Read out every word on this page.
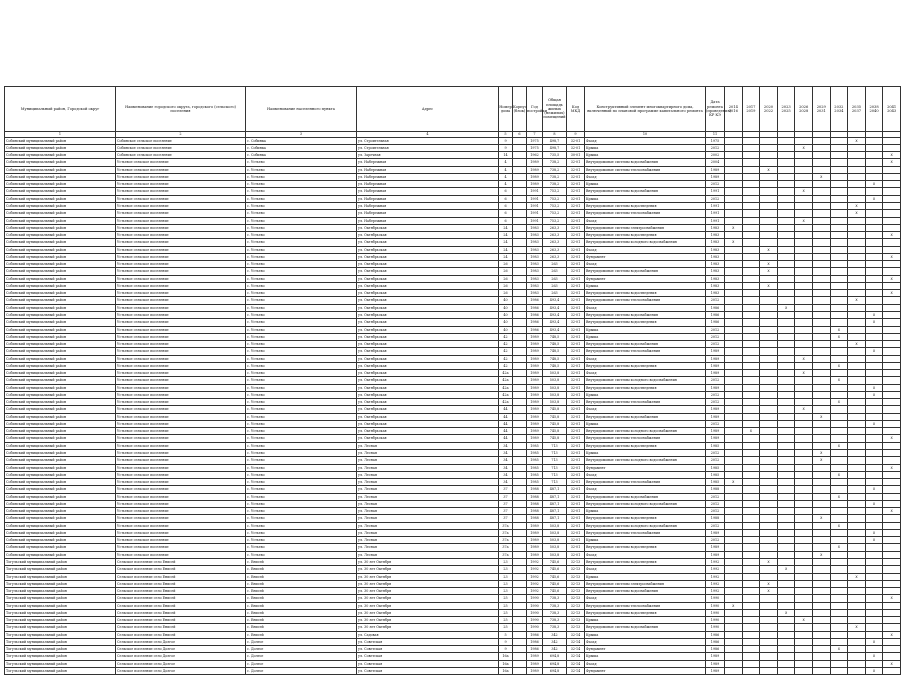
Муниципальный район, Городской округ	Наименование городского округа, городского (сельского) поселения	Наименование населенного пункта	Адрес	Номер дома	Корпус (блок)	Год постройки	Общая площадь жилых (нежилых) помещений	Код МКД	Конструктивный элемент многоквартирного дома, включенный по плановой программе капитального ремонта	Дата ремонта (проведения) КР КЭ	2014 2016	2017 2019	2020 2022	2023 2025	2026 2028	2029 2031	2032 2034	2035 2037	2038 2040	2041 2043
1	2	3	4	5	6	7	8	9	10	11										
Собинский муниципальный район	Собинское сельское поселение	с. Собинка	ул. Строительная	9		1975	498,7	32-01	Фасад	1975								X		
Собинский муниципальный район	Собинское сельское поселение	с. Собинка	ул. Строительная	9		1975	498,7	32-01	Крыша	2012					X					
Собинский муниципальный район	Собинское сельское поселение	с. Собинка	ул. Заречная	14		1962	735,5	30-01	Крыша	2002										X
Собинский муниципальный район	Устьевое сельское поселение	с. Устьево	ул. Набережная	4		1989	738,2	32-01	Внутридомовые системы водоснабжения	2004										X
Собинский муниципальный район	Устьевое сельское поселение	с. Устьево	ул. Набережная	4		1989	738,2	32-01	Внутридомовые системы теплоснабжения	1989			X							
Собинский муниципальный район	Устьевое сельское поселение	с. Устьево	ул. Набережная	4		1989	738,2	32-01	Фасад	1989						X				
Собинский муниципальный район	Устьевое сельское поселение	с. Устьево	ул. Набережная	4		1989	738,2	32-01	Крыша	2012									X	
Собинский муниципальный район	Устьевое сельское поселение	с. Устьево	ул. Набережная	6		1991	753,2	32-01	Внутридомовые системы водоснабжения	1991					X					
Собинский муниципальный район	Устьевое сельское поселение	с. Устьево	ул. Набережная	6		1991	753,2	32-01	Крыша	2012									X	
Собинский муниципальный район	Устьевое сельское поселение	с. Устьево	ул. Набережная	6		1991	753,2	32-01	Внутридомовые системы водоотведения	1991								X		
Собинский муниципальный район	Устьевое сельское поселение	с. Устьево	ул. Набережная	6		1991	753,2	32-01	Внутридомовые системы теплоснабжения	1991								X		
Собинский муниципальный район	Устьевое сельское поселение	с. Устьево	ул. Набережная	6		1991	753,2	32-01	Фасад	1991					X					
Собинский муниципальный район	Устьевое сельское поселение	с. Устьево	ул. Октябрьская	24		1983	263,3	32-01	Внутридомовые системы электроснабжения	1983	X									
Собинский муниципальный район	Устьевое сельское поселение	с. Устьево	ул. Октябрьская	24		1983	263,3	32-01	Внутридомовые системы водоотведения	1983										X
Собинский муниципальный район	Устьевое сельское поселение	с. Устьево	ул. Октябрьская	24		1983	263,3	32-01	Внутридомовые системы холодного водоснабжения	1983	X									
Собинский муниципальный район	Устьевое сельское поселение	с. Устьево	ул. Октябрьская	24		1983	263,3	32-01	Фасад	1983			X							
Собинский муниципальный район	Устьевое сельское поселение	с. Устьево	ул. Октябрьская	24		1983	263,3	32-01	Фундамент	1983										X
Собинский муниципальный район	Устьевое сельское поселение	с. Устьево	ул. Октябрьская	26		1983	263	32-01	Фасад	1983			X							
Собинский муниципальный район	Устьевое сельское поселение	с. Устьево	ул. Октябрьская	26		1983	263	32-01	Внутридомовые системы водоснабжения	1983			X							
Собинский муниципальный район	Устьевое сельское поселение	с. Устьево	ул. Октябрьская	26		1983	263	32-01	Фундамент	1983										X
Собинский муниципальный район	Устьевое сельское поселение	с. Устьево	ул. Октябрьская	26		1983	263	32-01	Крыша	1983			X							
Собинский муниципальный район	Устьевое сельское поселение	с. Устьево	ул. Октябрьская	26		1983	263	32-01	Внутридомовые системы водоотведения	1983										X
Собинский муниципальный район	Устьевое сельское поселение	с. Устьево	ул. Октябрьская	40		1986	493,4	32-01	Внутридомовые системы теплоснабжения	2012								X		
Собинский муниципальный район	Устьевое сельское поселение	с. Устьево	ул. Октябрьская	40		1986	493,4	32-01	Фасад	1986				X						
Собинский муниципальный район	Устьевое сельское поселение	с. Устьево	ул. Октябрьская	40		1986	493,4	32-01	Внутридомовые системы водоснабжения	1986									X	
Собинский муниципальный район	Устьевое сельское поселение	с. Устьево	ул. Октябрьская	40		1986	493,4	32-01	Внутридомовые системы водоотведения	1986									X	
Собинский муниципальный район	Устьевое сельское поселение	с. Устьево	ул. Октябрьская	40		1986	493,4	32-01	Крыша	2012							X			
Собинский муниципальный район	Устьевое сельское поселение	с. Устьево	ул. Октябрьская	42		1989	748,5	32-01	Крыша	2012							X			
Собинский муниципальный район	Устьевое сельское поселение	с. Устьево	ул. Октябрьская	42		1989	748,5	32-01	Внутридомовые системы водоснабжения	2012								X		
Собинский муниципальный район	Устьевое сельское поселение	с. Устьево	ул. Октябрьская	42		1989	748,5	32-01	Внутридомовые системы теплоснабжения	1989									X	
Собинский муниципальный район	Устьевое сельское поселение	с. Устьево	ул. Октябрьская	42		1989	748,5	32-01	Фасад	1989					X					
Собинский муниципальный район	Устьевое сельское поселение	с. Устьево	ул. Октябрьская	42		1989	748,5	32-01	Внутридомовые системы водоотведения	1989							X			
Собинский муниципальный район	Устьевое сельское поселение	с. Устьево	ул. Октябрьская	42а		1989	503,8	32-01	Фасад	1989					X					
Собинский муниципальный район	Устьевое сельское поселение	с. Устьево	ул. Октябрьская	42а		1989	503,8	32-01	Внутридомовые системы холодного водоснабжения	2012							X			
Собинский муниципальный район	Устьевое сельское поселение	с. Устьево	ул. Октябрьская	42а		1989	503,8	32-01	Внутридомовые системы водоотведения	1989									X	
Собинский муниципальный район	Устьевое сельское поселение	с. Устьево	ул. Октябрьская	42а		1989	503,8	32-01	Крыша	2012									X	
Собинский муниципальный район	Устьевое сельское поселение	с. Устьево	ул. Октябрьская	42а		1989	503,8	32-01	Внутридомовые системы теплоснабжения	2012							X			
Собинский муниципальный район	Устьевое сельское поселение	с. Устьево	ул. Октябрьская	44		1989	745,8	32-01	Фасад	1989					X					
Собинский муниципальный район	Устьевое сельское поселение	с. Устьево	ул. Октябрьская	44		1989	745,8	32-01	Внутридомовые системы водоснабжения	1989						X				
Собинский муниципальный район	Устьевое сельское поселение	с. Устьево	ул. Октябрьская	44		1989	745,8	32-01	Крыша	2012									X	
Собинский муниципальный район	Устьевое сельское поселение	с. Устьево	ул. Октябрьская	44		1989	745,8	32-01	Внутридомовые системы холодного водоснабжения	1989		X								
Собинский муниципальный район	Устьевое сельское поселение	с. Устьево	ул. Октябрьская	44		1989	745,8	32-01	Внутридомовые системы теплоснабжения	1989										X
Собинский муниципальный район	Устьевое сельское поселение	с. Устьево	ул. Лесная	34		1985	713	32-01	Внутридомовые системы водоотведения	1985							X			
Собинский муниципальный район	Устьевое сельское поселение	с. Устьево	ул. Лесная	34		1985	713	32-01	Крыша	2012						X				
Собинский муниципальный район	Устьевое сельское поселение	с. Устьево	ул. Лесная	34		1985	713	32-01	Внутридомовые системы холодного водоснабжения	2012						X				
Собинский муниципальный район	Устьевое сельское поселение	с. Устьево	ул. Лесная	34		1985	713	32-01	Фундамент	1985										X
Собинский муниципальный район	Устьевое сельское поселение	с. Устьево	ул. Лесная	34		1985	713	32-01	Фасад	1985							X			
Собинский муниципальный район	Устьевое сельское поселение	с. Устьево	ул. Лесная	34		1985	713	32-01	Внутридомовые системы теплоснабжения	1985	X									
Собинский муниципальный район	Устьевое сельское поселение	с. Устьево	ул. Лесная	37		1988	487,1	32-01	Фасад	1988									X	
Собинский муниципальный район	Устьевое сельское поселение	с. Устьево	ул. Лесная	37		1988	487,1	32-01	Внутридомовые системы водоснабжения	2012							X			
Собинский муниципальный район	Устьевое сельское поселение	с. Устьево	ул. Лесная	37		1988	487,1	32-01	Внутридомовые системы холодного водоснабжения	2012									X	
Собинский муниципальный район	Устьевое сельское поселение	с. Устьево	ул. Лесная	37		1988	487,1	32-01	Крыша	2012										X
Собинский муниципальный район	Устьевое сельское поселение	с. Устьево	ул. Лесная	37		1988	487,1	32-01	Внутридомовые системы водоотведения	1988						X				
Собинский муниципальный район	Устьевое сельское поселение	с. Устьево	ул. Лесная	37а		1989	503,8	32-01	Внутридомовые системы холодного водоснабжения	2012							X			
Собинский муниципальный район	Устьевое сельское поселение	с. Устьево	ул. Лесная	37а		1989	503,8	32-01	Внутридомовые системы теплоснабжения	1989									X	
Собинский муниципальный район	Устьевое сельское поселение	с. Устьево	ул. Лесная	37а		1989	503,8	32-01	Крыша	2012									X	
Собинский муниципальный район	Устьевое сельское поселение	с. Устьево	ул. Лесная	37а		1989	503,8	32-01	Внутридомовые системы водоотведения	1989							X			
Собинский муниципальный район	Устьевое сельское поселение	с. Устьево	ул. Лесная	37а		1989	503,8	32-01	Фасад	1989						X				
Тогульский муниципальный район	Сельское поселение село Енисей	с. Енисей	ул. 30 лет Октября	23		1992	745,6	32-13	Внутридомовые системы водоотведения	1992			X							
Тогульский муниципальный район	Сельское поселение село Енисей	с. Енисей	ул. 30 лет Октября	23		1992	745,6	32-13	Фасад	1992				X						
Тогульский муниципальный район	Сельское поселение село Енисей	с. Енисей	ул. 30 лет Октября	23		1992	745,6	32-13	Крыша	1992								X		
Тогульский муниципальный район	Сельское поселение село Енисей	с. Енисей	ул. 30 лет Октября	23		1992	745,6	32-13	Внутридомовые системы электроснабжения	1992			X							
Тогульский муниципальный район	Сельское поселение село Енисей	с. Енисей	ул. 30 лет Октября	23		1992	745,6	32-13	Внутридомовые системы водоснабжения	1992			X							
Тогульский муниципальный район	Сельское поселение село Енисей	с. Енисей	ул. 30 лет Октября	25		1990	738,3	32-13	Фасад	1990										X
Тогульский муниципальный район	Сельское поселение село Енисей	с. Енисей	ул. 30 лет Октября	25		1990	738,3	32-13	Внутридомовые системы теплоснабжения	1990	X									
Тогульский муниципальный район	Сельское поселение село Енисей	с. Енисей	ул. 30 лет Октября	25		1990	738,3	32-13	Внутридомовые системы водоотведения	1990				X						
Тогульский муниципальный район	Сельское поселение село Енисей	с. Енисей	ул. 30 лет Октября	25		1990	738,3	32-13	Крыша	1990					X					
Тогульский муниципальный район	Сельское поселение село Енисей	с. Енисей	ул. 30 лет Октября	25		1990	738,3	32-13	Внутридомовые системы водоснабжения	1990								X		
Тогульский муниципальный район	Сельское поселение село Енисей	с. Енисей	ул. Садовая	5		1986	342	32-14	Крыша	1986										X
Тогульский муниципальный район	Сельское поселение село Долгое	с. Долгое	ул. Советская	9		1986	342	32-14	Фасад	1986									X	
Тогульский муниципальный район	Сельское поселение село Долгое	с. Долгое	ул. Советская	9		1986	342	32-14	Фундамент	1986							X			
Тогульский муниципальный район	Сельское поселение село Долгое	с. Долгое	ул. Советская	16а		1989	694,8	32-14	Крыша	1989									X	
Тогульский муниципальный район	Сельское поселение село Долгое	с. Долгое	ул. Советская	16а		1989	694,8	32-14	Фасад	1989										X
Тогульский муниципальный район	Сельское поселение село Долгое	с. Долгое	ул. Советская	16а		1989	694,8	32-14	Фундамент	1989									X	
